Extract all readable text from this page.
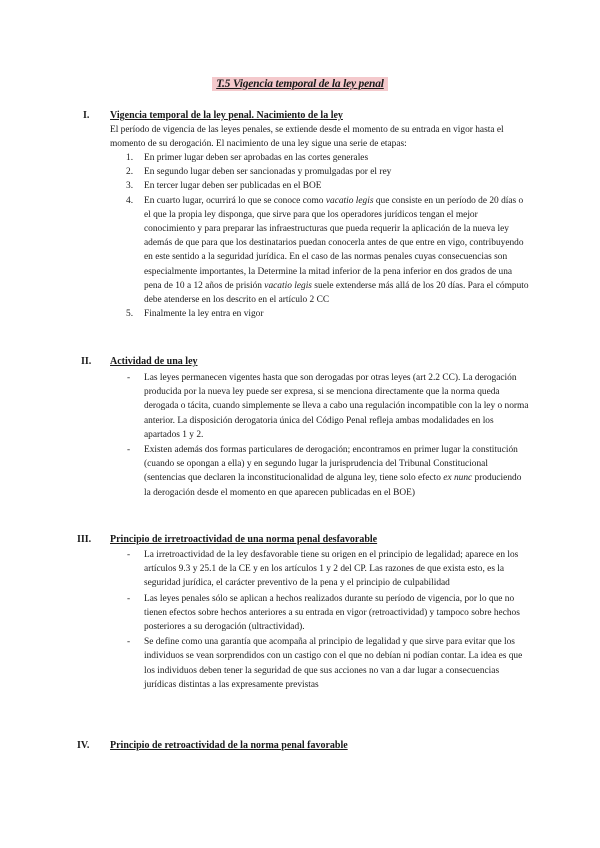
T.5 Vigencia temporal de la ley penal
I. Vigencia temporal de la ley penal. Nacimiento de la ley
El período de vigencia de las leyes penales, se extiende desde el momento de su entrada en vigor hasta el momento de su derogación. El nacimiento de una ley sigue una serie de etapas:
1. En primer lugar deben ser aprobadas en las cortes generales
2. En segundo lugar deben ser sancionadas y promulgadas por el rey
3. En tercer lugar deben ser publicadas en el BOE
4. En cuarto lugar, ocurrirá lo que se conoce como vacatio legis que consiste en un período de 20 días o el que la propia ley disponga, que sirve para que los operadores jurídicos tengan el mejor conocimiento y para preparar las infraestructuras que pueda requerir la aplicación de la nueva ley además de que para que los destinatarios puedan conocerla antes de que entre en vigo, contribuyendo en este sentido a la seguridad jurídica. En el caso de las normas penales cuyas consecuencias son especialmente importantes, la Determine la mitad inferior de la pena inferior en dos grados de una pena de 10 a 12 años de prisión vacatio legis suele extenderse más allá de los 20 días. Para el cómputo debe atenderse en los descrito en el artículo 2 CC
5. Finalmente la ley entra en vigor
II. Actividad de una ley
- Las leyes permanecen vigentes hasta que son derogadas por otras leyes (art 2.2 CC). La derogación producida por la nueva ley puede ser expresa, si se menciona directamente que la norma queda derogada o tácita, cuando simplemente se lleva a cabo una regulación incompatible con la ley o norma anterior. La disposición derogatoria única del Código Penal refleja ambas modalidades en los apartados 1 y 2.
- Existen además dos formas particulares de derogación; encontramos en primer lugar la constitución (cuando se opongan a ella) y en segundo lugar la jurisprudencia del Tribunal Constitucional (sentencias que declaren la inconstitucionalidad de alguna ley, tiene solo efecto ex nunc produciendo la derogación desde el momento en que aparecen publicadas en el BOE)
III. Principio de irretroactividad de una norma penal desfavorable
- La irretroactividad de la ley desfavorable tiene su origen en el principio de legalidad; aparece en los artículos 9.3 y 25.1 de la CE y en los artículos 1 y 2 del CP. Las razones de que exista esto, es la seguridad jurídica, el carácter preventivo de la pena y el principio de culpabilidad
- Las leyes penales sólo se aplican a hechos realizados durante su período de vigencia, por lo que no tienen efectos sobre hechos anteriores a su entrada en vigor (retroactividad) y tampoco sobre hechos posteriores a su derogación (ultractividad).
- Se define como una garantía que acompaña al principio de legalidad y que sirve para evitar que los individuos se vean sorprendidos con un castigo con el que no debían ni podían contar. La idea es que los individuos deben tener la seguridad de que sus acciones no van a dar lugar a consecuencias jurídicas distintas a las expresamente previstas
IV. Principio de retroactividad de la norma penal favorable
